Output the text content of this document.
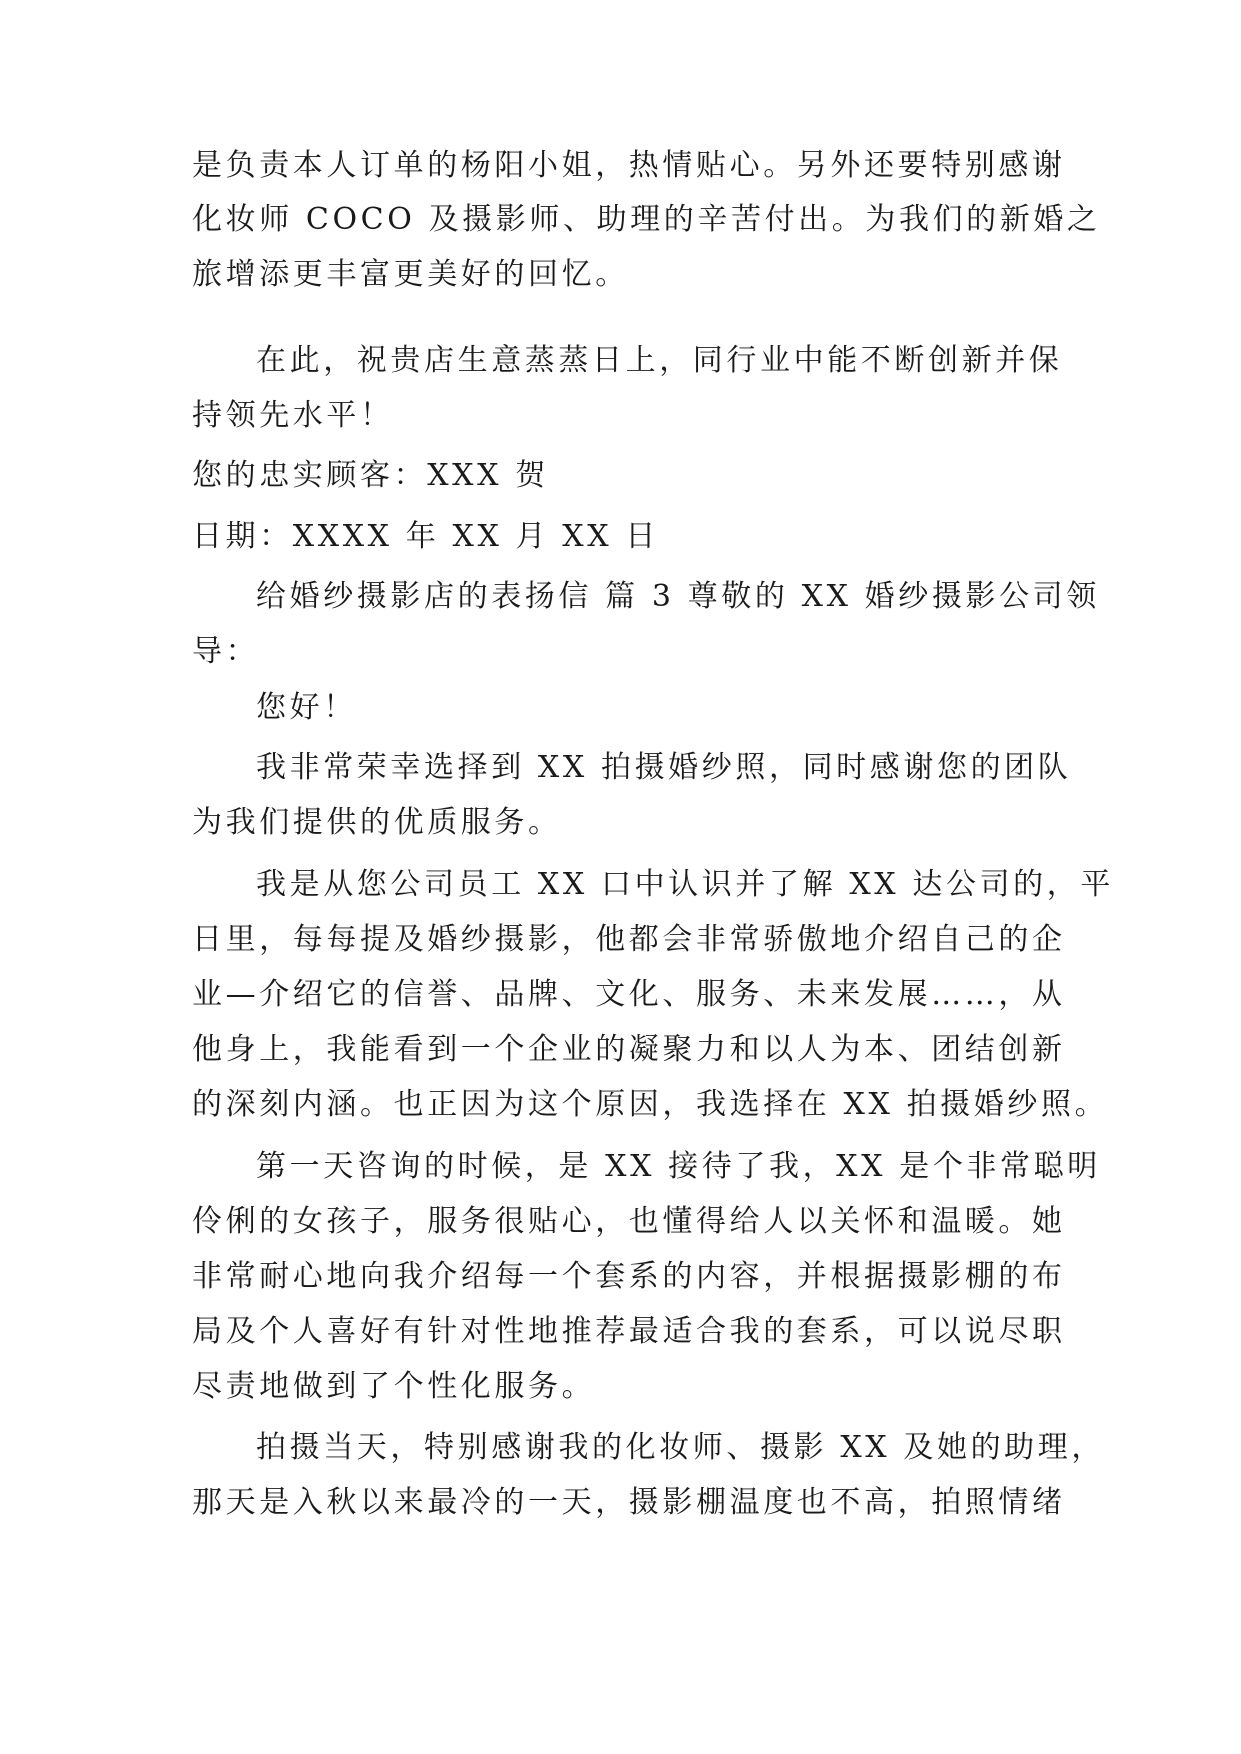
是负责本人订单的杨阳小姐，热情贴心。另外还要特别感谢
化妆师 COCO 及摄影师、助理的辛苦付出。为我们的新婚之
旅增添更丰富更美好的回忆。
在此，祝贵店生意蒸蒸日上，同行业中能不断创新并保
持领先水平！
您的忠实顾客：XXX 贺
日期：XXXX 年 XX 月 XX 日
给婚纱摄影店的表扬信 篇 3 尊敬的 XX 婚纱摄影公司领
导：
您好！
我非常荣幸选择到 XX 拍摄婚纱照，同时感谢您的团队
为我们提供的优质服务。
我是从您公司员工 XX 口中认识并了解 XX 达公司的，平
日里，每每提及婚纱摄影，他都会非常骄傲地介绍自己的企
业—介绍它的信誉、品牌、文化、服务、未来发展……，从
他身上，我能看到一个企业的凝聚力和以人为本、团结创新
的深刻内涵。也正因为这个原因，我选择在 XX 拍摄婚纱照。
第一天咨询的时候，是 XX 接待了我，XX 是个非常聪明
伶俐的女孩子，服务很贴心，也懂得给人以关怀和温暖。她
非常耐心地向我介绍每一个套系的内容，并根据摄影棚的布
局及个人喜好有针对性地推荐最适合我的套系，可以说尽职
尽责地做到了个性化服务。
拍摄当天，特别感谢我的化妆师、摄影 XX 及她的助理，
那天是入秋以来最冷的一天，摄影棚温度也不高，拍照情绪
